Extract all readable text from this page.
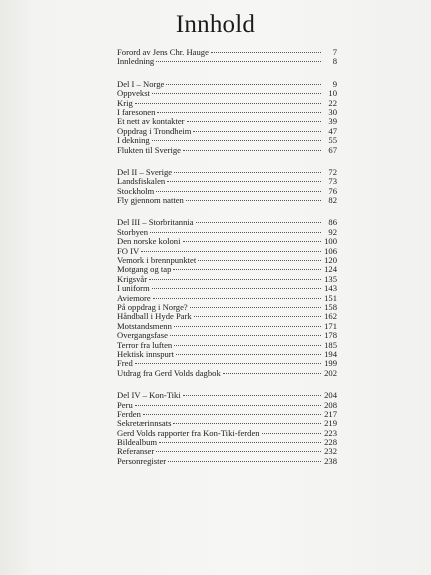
Innhold
Forord av Jens Chr. Hauge	7
Innledning	8
Del I – Norge	9
Oppvekst	10
Krig	22
I faresonen	30
Et nett av kontakter	39
Oppdrag i Trondheim	47
I dekning	55
Flukten til Sverige	67
Del II – Sverige	72
Landsfiskalen	73
Stockholm	76
Fly gjennom natten	82
Del III – Storbritannia	86
Storbyen	92
Den norske koloni	100
FO IV	106
Vemork i brennpunktet	120
Motgang og tap	124
Krigsvår	135
I uniform	143
Aviemore	151
På oppdrag i Norge?	158
Håndball i Hyde Park	162
Motstandsmenn	171
Overgangsfase	178
Terror fra luften	185
Hektisk innspurt	194
Fred	199
Utdrag fra Gerd Volds dagbok	202
Del IV – Kon-Tiki	204
Peru	208
Ferden	217
Sekretærinnsats	219
Gerd Volds rapporter fra Kon-Tiki-ferden	223
Bildealbum	228
Referanser	232
Personregister	238
